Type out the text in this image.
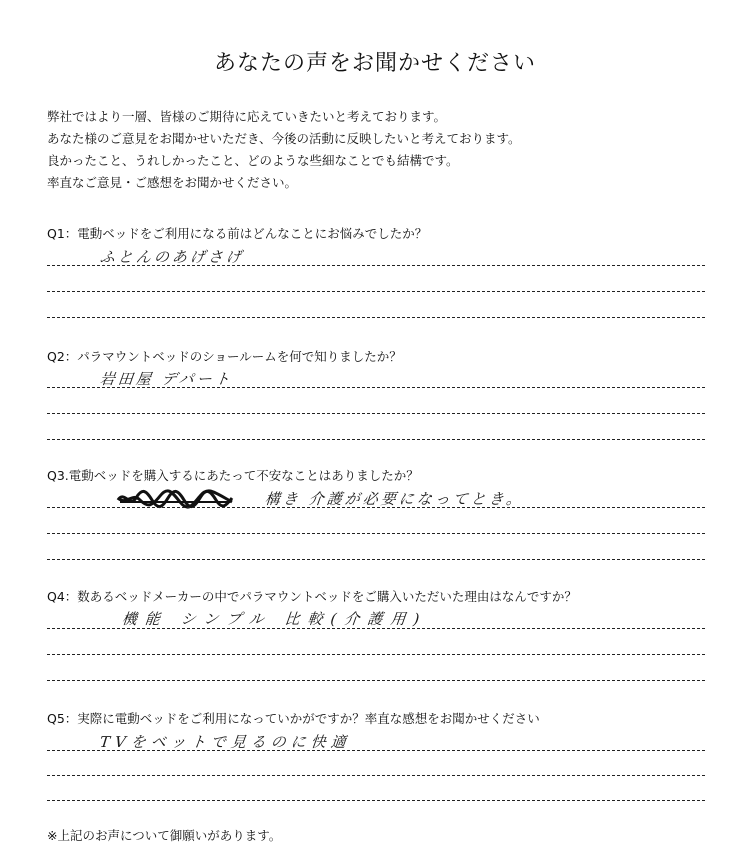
あなたの声をお聞かせください
弊社ではより一層、皆様のご期待に応えていきたいと考えております。
あなた様のご意見をお聞かせいただき、今後の活動に反映したいと考えております。
良かったこと、うれしかったこと、どのような些細なことでも結構です。
率直なご意見・ご感想をお聞かせください。
Q1：電動ベッドをご利用になる前はどんなことにお悩みでしたか？
ふとんのあげさげ
Q2：パラマウントベッドのショールームを何で知りましたか？
岩田屋 デパート
Q3.電動ベッドを購入するにあたって不安なことはありましたか？
構き 介護が必要になってとき。
Q4：数あるベッドメーカーの中でパラマウントベッドをご購入いただいた理由はなんですか？
機能 シンプル 比較(介護用)
Q5：実際に電動ベッドをご利用になっていかがですか？率直な感想をお聞かせください
TVをベットで見るのに快適
※上記のお声について御願いがあります。
